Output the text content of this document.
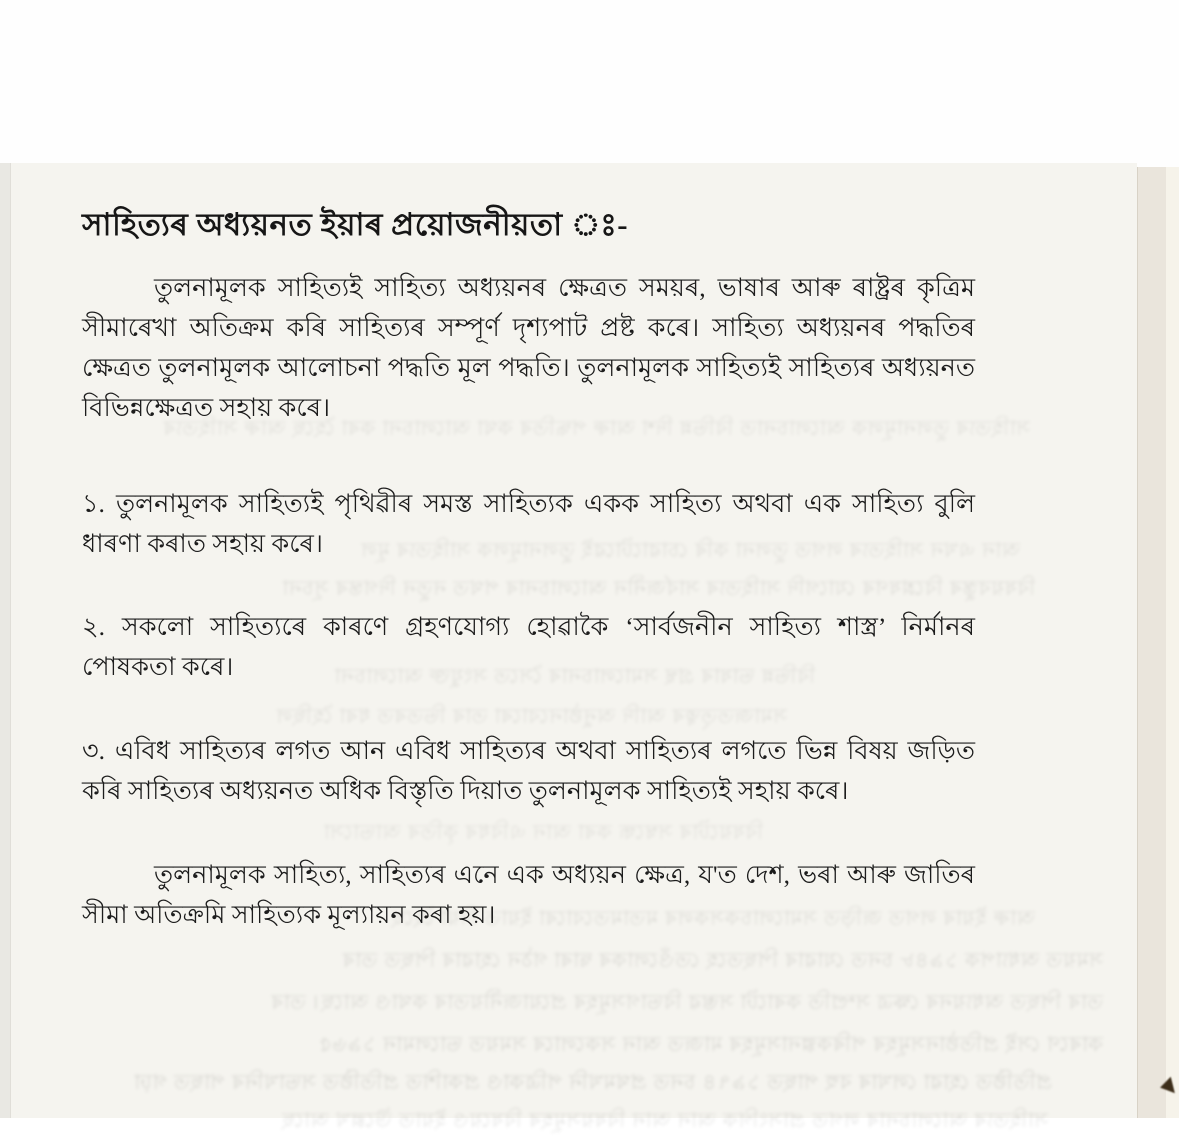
সাহিত্যৰ তুলনামূলক আলোচনাত বিভিন্ন দিশ আৰু পদ্ধতিৰ কথা আলোচনা কৰা হৈছে আৰু সাহিত্যৰ
আন এখন সাহিত্যৰ লগত তুলনা কৰি চোৱাটোৱেই তুলনামূলক সাহিত্যৰ মূল
বিষয়বস্তুৰ বিশ্লেষণৰ যোগেদি সাহিত্যৰ সাৰ্বজনীন আলোচনাৰ পথত নতুন দিগন্তৰ সূচনা
বিভিন্ন ভাষাৰ গ্ৰন্থ সমালোচনাৰ সৈতে সংযুক্ত আলোচনা
সমাজতত্ত্বৰ আদি অনুষ্ঠানবোৰো তাৰ ভিতৰত ধৰা হৈছিল
বিষয়টোৰ সম্বন্ধে কৰা আন এবিধৰ কৃতিৰ আভাসো
আৰু ইয়াৰ লগত জড়িত সমালোচকসকলৰ মতামতবোৰো ইয়াত দিয়া হৈছে
সময়ত অধ্যাপক ১৯৪৮ চনত যোৱাৰ পিছতহে তেওঁলোকৰ দ্বাৰা গঠন হোৱাৰ পিছত তাৰ
তাৰ পিছত অধ্যয়নৰ ক্ষেত্ৰ সম্প্ৰতি কৰাটো সম্ভৱ বিভাগসমূহৰ প্ৰয়োজনীয়তাৰ কথাও আছে। তাৰ
কাৰণে সেই প্ৰতিষ্ঠানসমূহৰ পৰিকল্পনাসমূহৰ মাজত আন সকলোৰে সময়ত ভালেমান ১৯৬৫
প্ৰতিষ্ঠিত হোৱা লেখাৰ বহু পাছত ১৯৭৪ চনত প্ৰথমখনি পত্ৰিকাও প্ৰকাশিত প্ৰতিষ্ঠিত সভাখনিৰ পাছত গঢ়া
সাহিত্যৰ আলোচনাৰ লগত প্ৰাসংগিক আন আন বিষয়সমূহৰ বিষয়েও ইয়াত উল্লেখ আছে
সাহিত্যৰ অধ্যয়নত ইয়াৰ প্ৰয়োজনীয়তা ঃ-

তুলনামূলক সাহিত্যই সাহিত্য অধ্যয়নৰ ক্ষেত্ৰত সময়ৰ, ভাষাৰ আৰু ৰাষ্ট্ৰৰ কৃত্ৰিম সীমাৰেখা অতিক্ৰম কৰি সাহিত্যৰ সম্পূৰ্ণ দৃশ্যপাট প্ৰষ্ট কৰে। সাহিত্য অধ্যয়নৰ পদ্ধতিৰ ক্ষেত্ৰত তুলনামূলক আলোচনা পদ্ধতি মূল পদ্ধতি। তুলনামূলক সাহিত্যই সাহিত্যৰ অধ্যয়নত বিভিন্নক্ষেত্ৰত সহায় কৰে।

১. তুলনামূলক সাহিত্যই পৃথিৱীৰ সমস্ত সাহিত্যক একক সাহিত্য অথবা এক সাহিত্য বুলি ধাৰণা কৰাত সহায় কৰে।
২. সকলো সাহিত্যৰে কাৰণে গ্ৰহণযোগ্য হোৱাকৈ ‘সাৰ্বজনীন সাহিত্য শাস্ত্ৰ’ নিৰ্মানৰ পোষকতা কৰে।
৩. এবিধ সাহিত্যৰ লগত আন এবিধ সাহিত্যৰ অথবা সাহিত্যৰ লগতে ভিন্ন বিষয় জড়িত কৰি সাহিত্যৰ অধ্যয়নত অধিক বিস্তৃতি দিয়াত তুলনামূলক সাহিত্যই সহায় কৰে।

তুলনামূলক সাহিত্য, সাহিত্যৰ এনে এক অধ্যয়ন ক্ষেত্ৰ, য'ত দেশ, ভৰা আৰু জাতিৰ সীমা অতিক্ৰমি সাহিত্যক মূল্যায়ন কৰা হয়।
